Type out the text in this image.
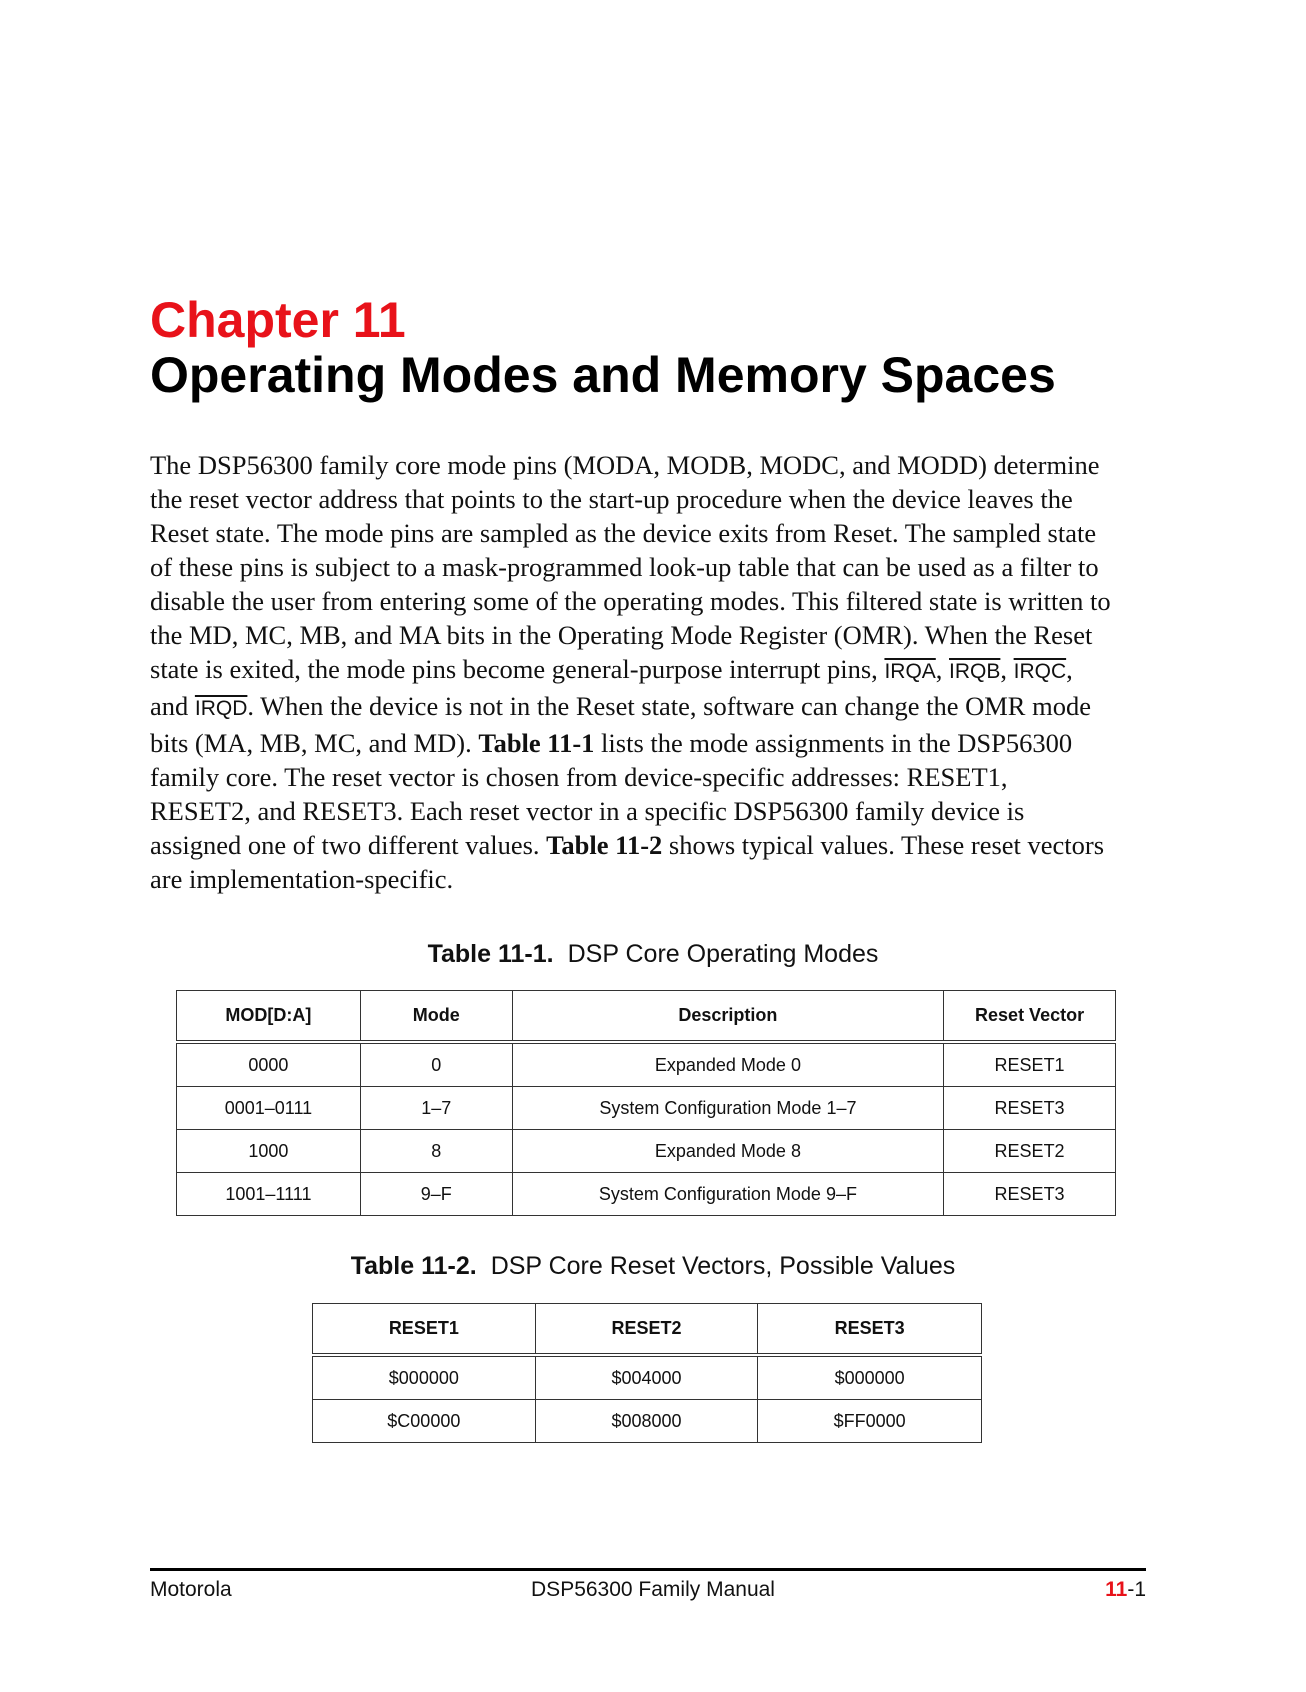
Chapter 11
Operating Modes and Memory Spaces
The DSP56300 family core mode pins (MODA, MODB, MODC, and MODD) determine
the reset vector address that points to the start-up procedure when the device leaves the
Reset state. The mode pins are sampled as the device exits from Reset. The sampled state
of these pins is subject to a mask-programmed look-up table that can be used as a filter to
disable the user from entering some of the operating modes. This filtered state is written to
the MD, MC, MB, and MA bits in the Operating Mode Register (OMR). When the Reset
state is exited, the mode pins become general-purpose interrupt pins, IRQA, IRQB, IRQC,
and IRQD. When the device is not in the Reset state, software can change the OMR mode
bits (MA, MB, MC, and MD). Table 11-1 lists the mode assignments in the DSP56300
family core. The reset vector is chosen from device-specific addresses: RESET1,
RESET2, and RESET3. Each reset vector in a specific DSP56300 family device is
assigned one of two different values. Table 11-2 shows typical values. These reset vectors
are implementation-specific.
Table 11-1. DSP Core Operating Modes
MOD[D:A]	Mode	Description	Reset Vector
0000	0	Expanded Mode 0	RESET1
0001–0111	1–7	System Configuration Mode 1–7	RESET3
1000	8	Expanded Mode 8	RESET2
1001–1111	9–F	System Configuration Mode 9–F	RESET3
Table 11-2. DSP Core Reset Vectors, Possible Values
RESET1	RESET2	RESET3
$000000	$004000	$000000
$C00000	$008000	$FF0000
Motorola	DSP56300 Family Manual	11-1
